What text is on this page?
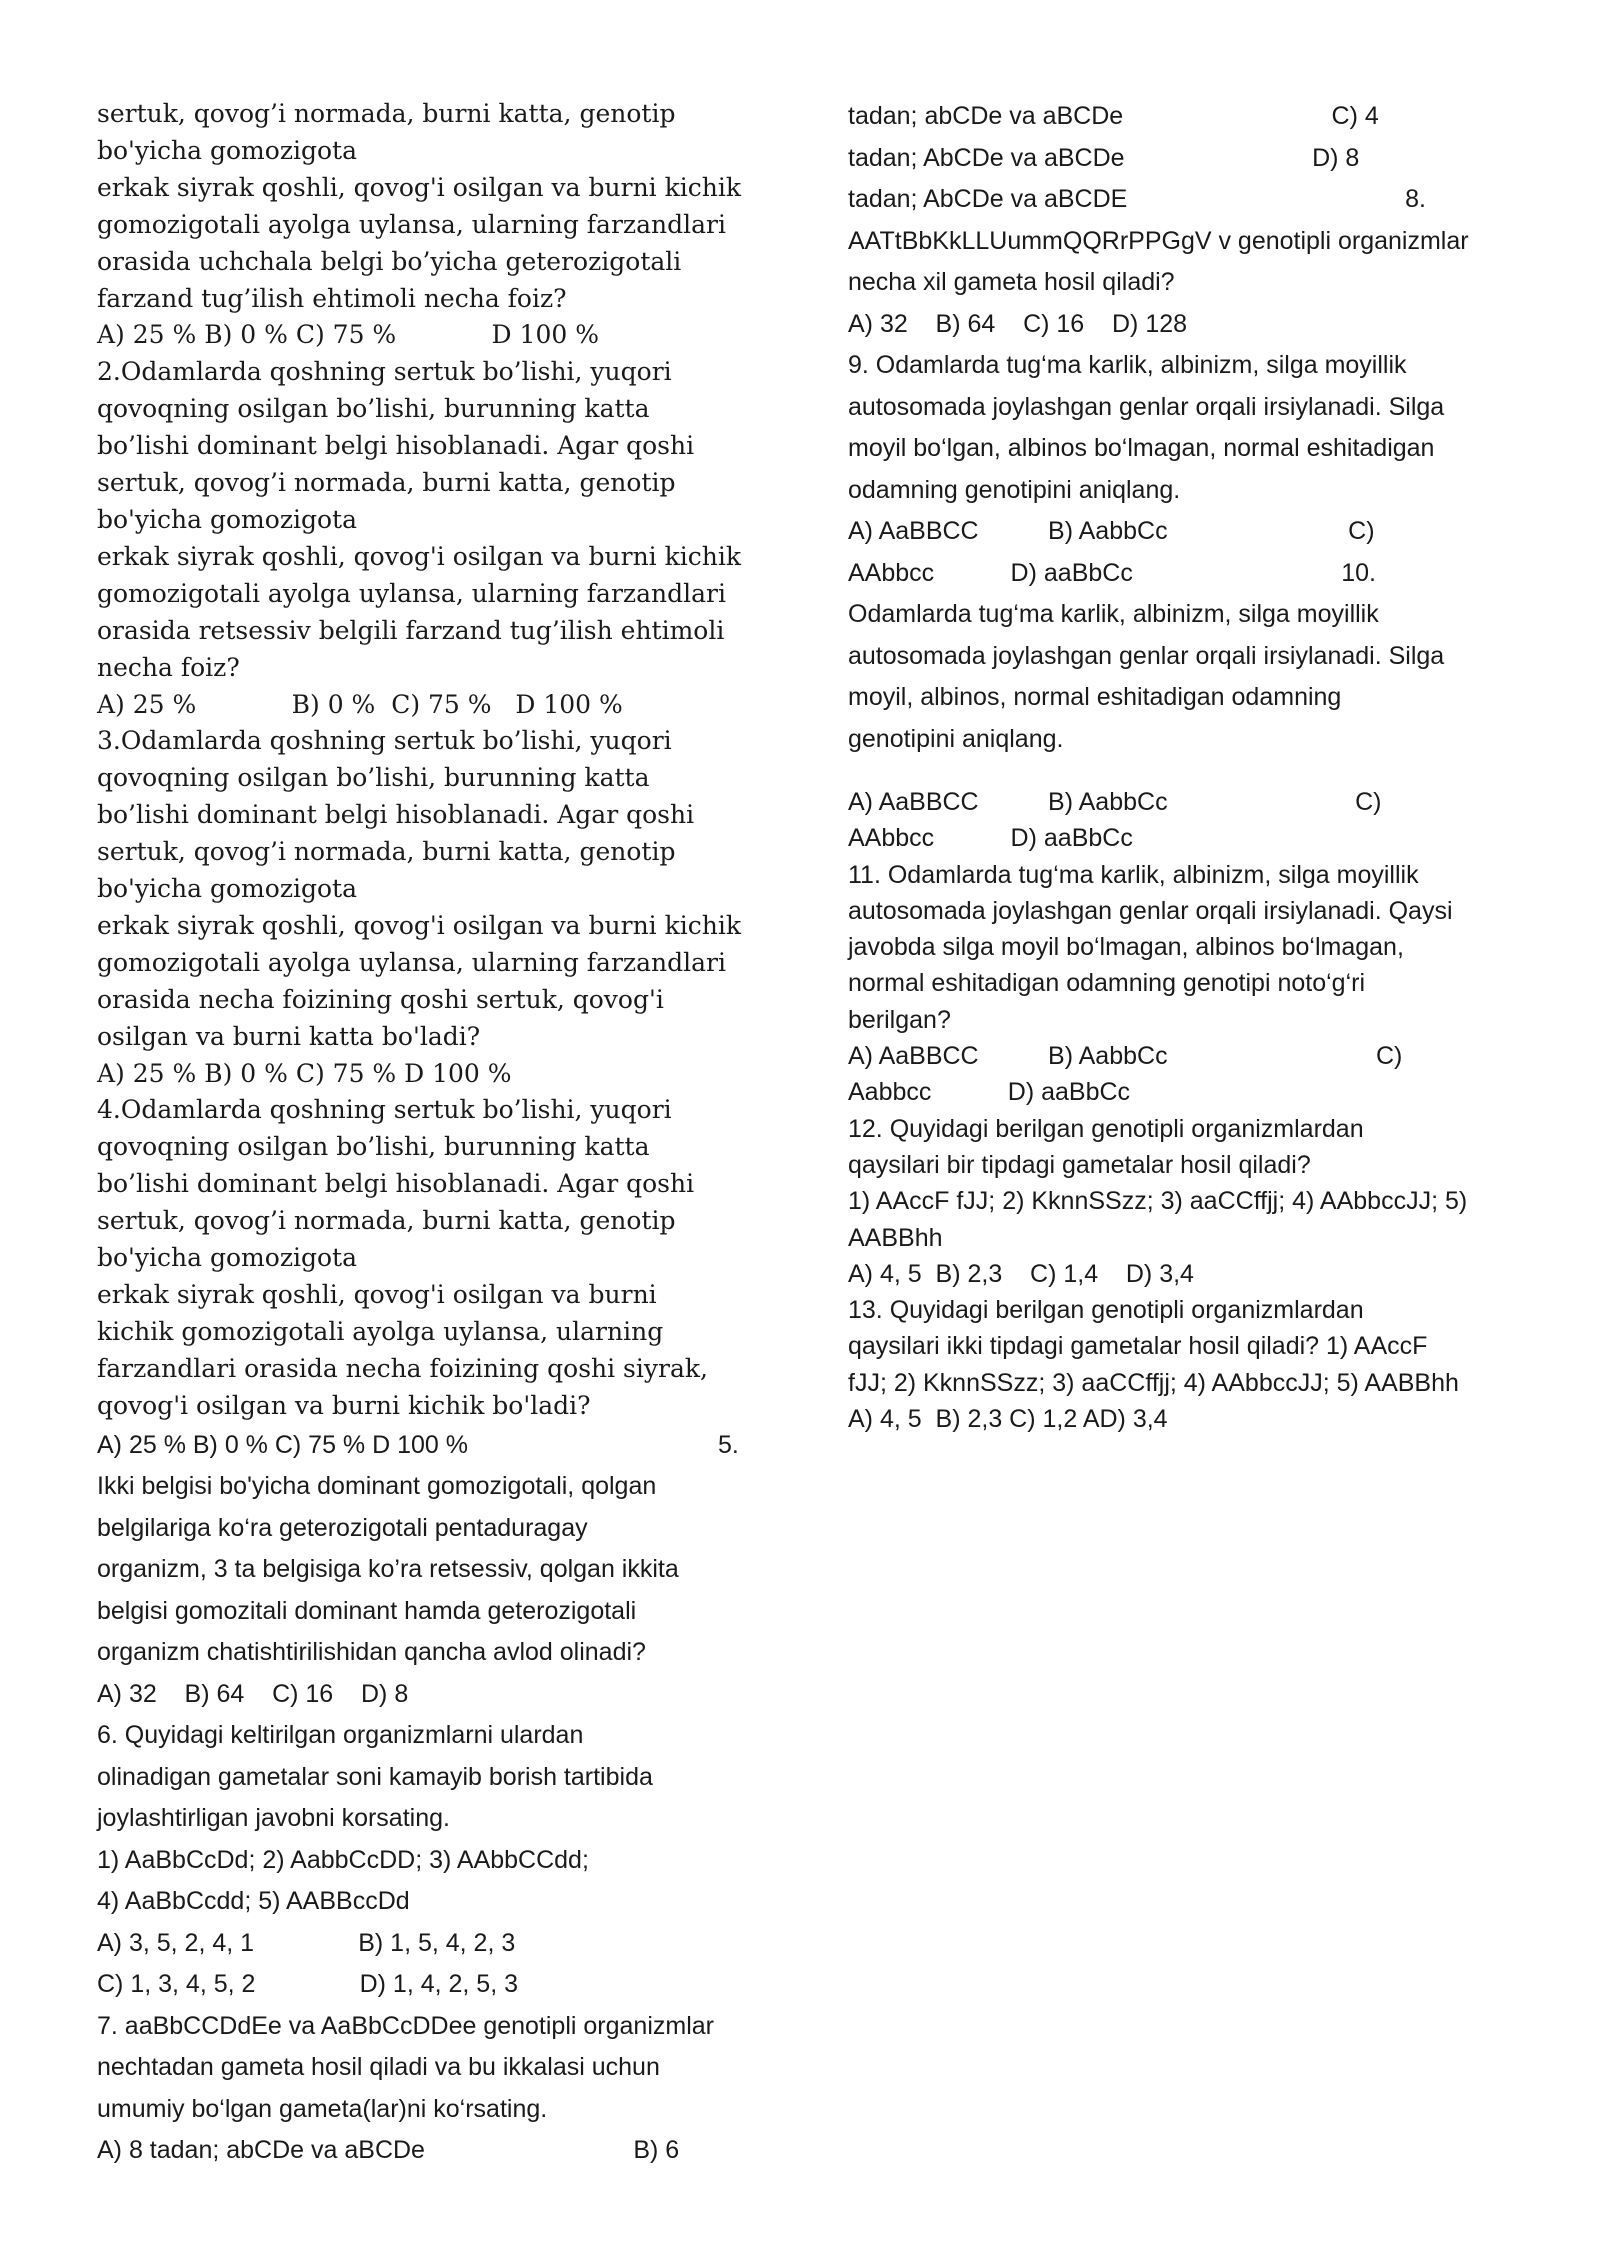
sertuk, qovog’i normada, burni katta, genotip

bo'yicha gomozigota

erkak siyrak qoshli, qovog'i osilgan va burni kichik

gomozigotali ayolga uylansa, ularning farzandlari

orasida uchchala belgi bo’yicha geterozigotali

farzand tug’ilish ehtimoli necha foiz?

A) 25 % B) 0 % C) 75 %            D 100 %

2.Odamlarda qoshning sertuk bo’lishi, yuqori

qovoqning osilgan bo’lishi, burunning katta

bo’lishi dominant belgi hisoblanadi. Agar qoshi

sertuk, qovog’i normada, burni katta, genotip

bo'yicha gomozigota

erkak siyrak qoshli, qovog'i osilgan va burni kichik

gomozigotali ayolga uylansa, ularning farzandlari

orasida retsessiv belgili farzand tug’ilish ehtimoli

necha foiz?

A) 25 %            B) 0 %  C) 75 %   D 100 %

3.Odamlarda qoshning sertuk bo’lishi, yuqori

qovoqning osilgan bo’lishi, burunning katta

bo’lishi dominant belgi hisoblanadi. Agar qoshi

sertuk, qovog’i normada, burni katta, genotip

bo'yicha gomozigota

erkak siyrak qoshli, qovog'i osilgan va burni kichik

gomozigotali ayolga uylansa, ularning farzandlari

orasida necha foizining qoshi sertuk, qovog'i

osilgan va burni katta bo'ladi?

A) 25 % B) 0 % C) 75 % D 100 %

4.Odamlarda qoshning sertuk bo’lishi, yuqori

qovoqning osilgan bo’lishi, burunning katta

bo’lishi dominant belgi hisoblanadi. Agar qoshi

sertuk, qovog’i normada, burni katta, genotip

bo'yicha gomozigota

erkak siyrak qoshli, qovog'i osilgan va burni

kichik gomozigotali ayolga uylansa, ularning

farzandlari orasida necha foizining qoshi siyrak,

qovog'i osilgan va burni kichik bo'ladi?

A) 25 % B) 0 % C) 75 % D 100 %                                    5.

Ikki belgisi bo'yicha dominant gomozigotali, qolgan

belgilariga ko‘ra geterozigotali pentaduragay

organizm, 3 ta belgisiga ko’ra retsessiv, qolgan ikkita

belgisi gomozitali dominant hamda geterozigotali

organizm chatishtirilishidan qancha avlod olinadi?

A) 32    B) 64    C) 16    D) 8

6. Quyidagi keltirilgan organizmlarni ulardan

olinadigan gametalar soni kamayib borish tartibida

joylashtirligan javobni korsating.

1) AaBbCcDd; 2) AabbCcDD; 3) AAbbCCdd;

4) AaBbCcdd; 5) AABBccDd

A) 3, 5, 2, 4, 1               B) 1, 5, 4, 2, 3

C) 1, 3, 4, 5, 2               D) 1, 4, 2, 5, 3

7. aaBbCCDdEe va AaBbCcDDee genotipli organizmlar

nechtadan gameta hosil qiladi va bu ikkalasi uchun

umumiy bo‘lgan gameta(lar)ni ko‘rsating.

A) 8 tadan; abCDe va aBCDe                              B) 6

tadan; abCDe va aBCDe                              C) 4

tadan; AbCDe va aBCDe                           D) 8

tadan; AbCDe va aBCDE                                        8.

AATtBbKkLLUummQQRrPPGgV v genotipli organizmlar

necha xil gameta hosil qiladi?

A) 32    B) 64    C) 16    D) 128

9. Odamlarda tug‘ma karlik, albinizm, silga moyillik

autosomada joylashgan genlar orqali irsiylanadi. Silga

moyil bo‘lgan, albinos bo‘lmagan, normal eshitadigan

odamning genotipini aniqlang.

A) AaBBCC          B) AabbCc                          C)

AAbbcc           D) aaBbCc                              10.

Odamlarda tug‘ma karlik, albinizm, silga moyillik

autosomada joylashgan genlar orqali irsiylanadi. Silga

moyil, albinos, normal eshitadigan odamning

genotipini aniqlang.

A) AaBBCC          B) AabbCc                           C)

AAbbcc           D) aaBbCc

11. Odamlarda tug‘ma karlik, albinizm, silga moyillik

autosomada joylashgan genlar orqali irsiylanadi. Qaysi

javobda silga moyil bo‘lmagan, albinos bo‘lmagan,

normal eshitadigan odamning genotipi noto‘g‘ri

berilgan?

A) AaBBCC          B) AabbCc                              C)

Aabbcc           D) aaBbCc

12. Quyidagi berilgan genotipli organizmlardan

qaysilari bir tipdagi gametalar hosil qiladi?

1) AAccF fJJ; 2) KknnSSzz; 3) aaCCffjj; 4) AAbbccJJ; 5)

AABBhh

A) 4, 5  B) 2,3    C) 1,4    D) 3,4

13. Quyidagi berilgan genotipli organizmlardan

qaysilari ikki tipdagi gametalar hosil qiladi? 1) AAccF

fJJ; 2) KknnSSzz; 3) aaCCffjj; 4) AAbbccJJ; 5) AABBhh

A) 4, 5  B) 2,3 C) 1,2 AD) 3,4
